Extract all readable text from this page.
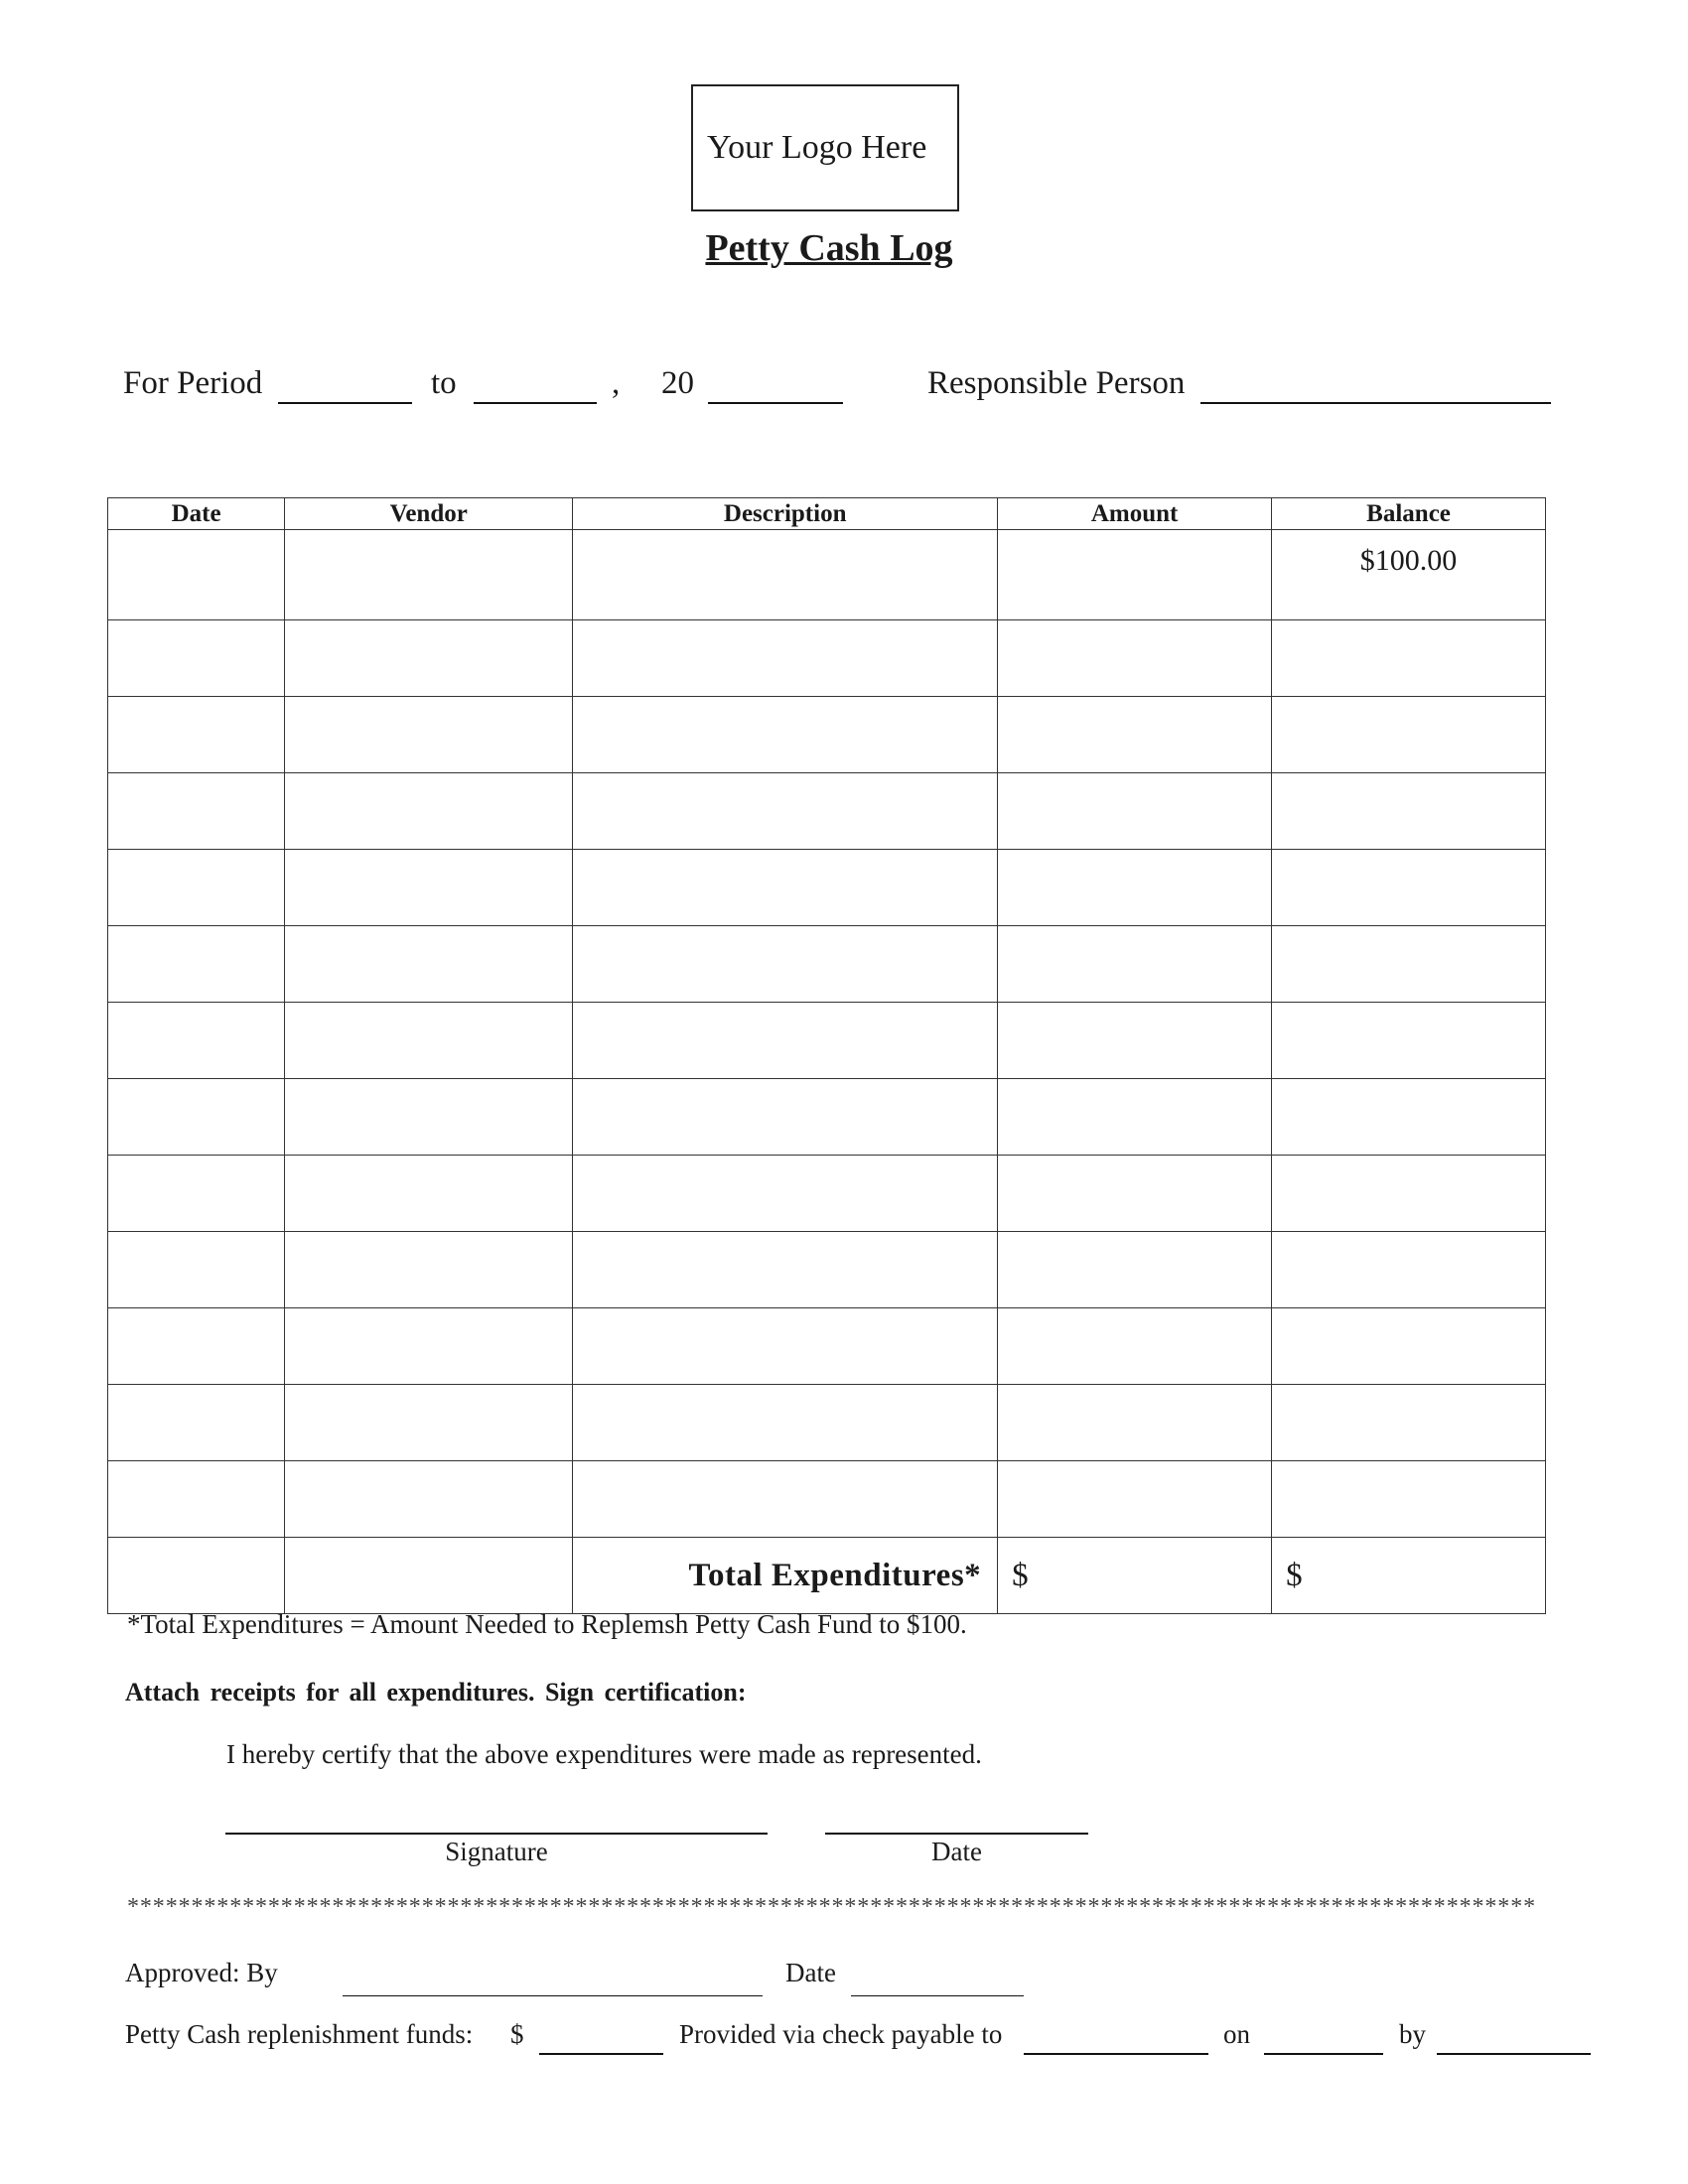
Your Logo Here
Petty Cash Log
For Period	to	, 20	Responsible Person
Date	Vendor	Description	Amount	Balance
				$100.00

		Total Expenditures*	$	$
*Total Expenditures = Amount Needed to Replemsh Petty Cash Fund to $100.
Attach receipts for all expenditures. Sign certification:
I hereby certify that the above expenditures were made as represented.
Signature	Date
**************************************************************************************************************
Approved: By	Date
Petty Cash replenishment funds: $	Provided via check payable to	on	by
